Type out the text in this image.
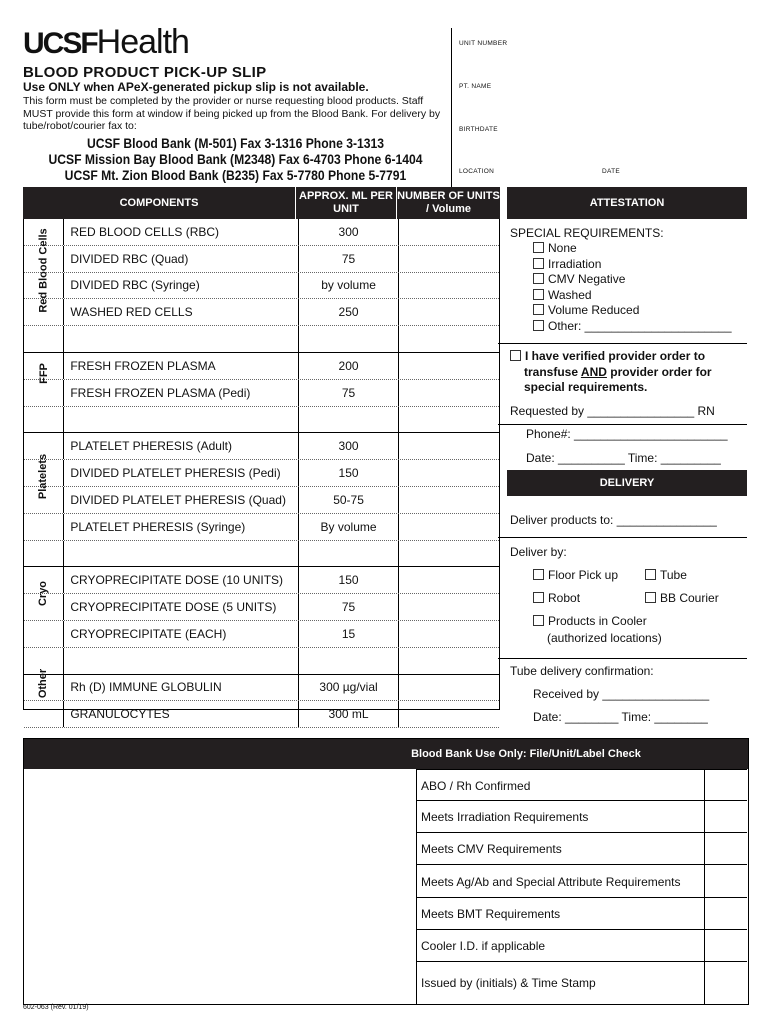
UCSFHealth
BLOOD PRODUCT PICK-UP SLIP
Use ONLY when APeX-generated pickup slip is not available.
This form must be completed by the provider or nurse requesting blood products. Staff MUST provide this form at window if being picked up from the Blood Bank. For delivery by tube/robot/courier fax to:
UCSF Blood Bank (M-501) Fax 3-1316 Phone 3-1313
UCSF Mission Bay Blood Bank (M2348) Fax 6-4703 Phone 6-1404
UCSF Mt. Zion Blood Bank (B235) Fax 5-7780 Phone 5-7791
UNIT NUMBER
PT. NAME
BIRTHDATE
LOCATION	DATE
COMPONENTS
APPROX. ML PER UNIT
NUMBER OF UNITS / Volume
ATTESTATION
RED BLOOD CELLS (RBC)	300
DIVIDED RBC (Quad)	75
DIVIDED RBC (Syringe)	by volume
WASHED RED CELLS	250
Red Blood Cells
FRESH FROZEN PLASMA	200
FRESH FROZEN PLASMA (Pedi)	75
FFP
PLATELET PHERESIS (Adult)	300
DIVIDED PLATELET PHERESIS (Pedi)	150
DIVIDED PLATELET PHERESIS (Quad)	50-75
PLATELET PHERESIS (Syringe)	By volume
Platelets
CRYOPRECIPITATE DOSE (10 UNITS)	150
CRYOPRECIPITATE DOSE (5 UNITS)	75
CRYOPRECIPITATE (EACH)	15
Cryo
Rh (D) IMMUNE GLOBULIN	300 µg/vial
GRANULOCYTES	300 mL
Other
SPECIAL REQUIREMENTS:
None
Irradiation
CMV Negative
Washed
Volume Reduced
Other: ______________________
I have verified provider order to
transfuse AND provider order for
special requirements.
Requested by ________________ RN
Phone#: _______________________
Date: __________ Time: _________
DELIVERY
Deliver products to: _______________
Deliver by:
Floor Pick up	Tube
Robot	BB Courier
Products in Cooler
(authorized locations)
Tube delivery confirmation:
Received by ________________
Date: ________ Time: ________
Blood Bank Use Only: File/Unit/Label Check
ABO / Rh Confirmed
Meets Irradiation Requirements
Meets CMV Requirements
Meets Ag/Ab and Special Attribute Requirements
Meets BMT Requirements
Cooler I.D. if applicable
Issued by (initials) & Time Stamp
602-063 (Rev. 01/19)
